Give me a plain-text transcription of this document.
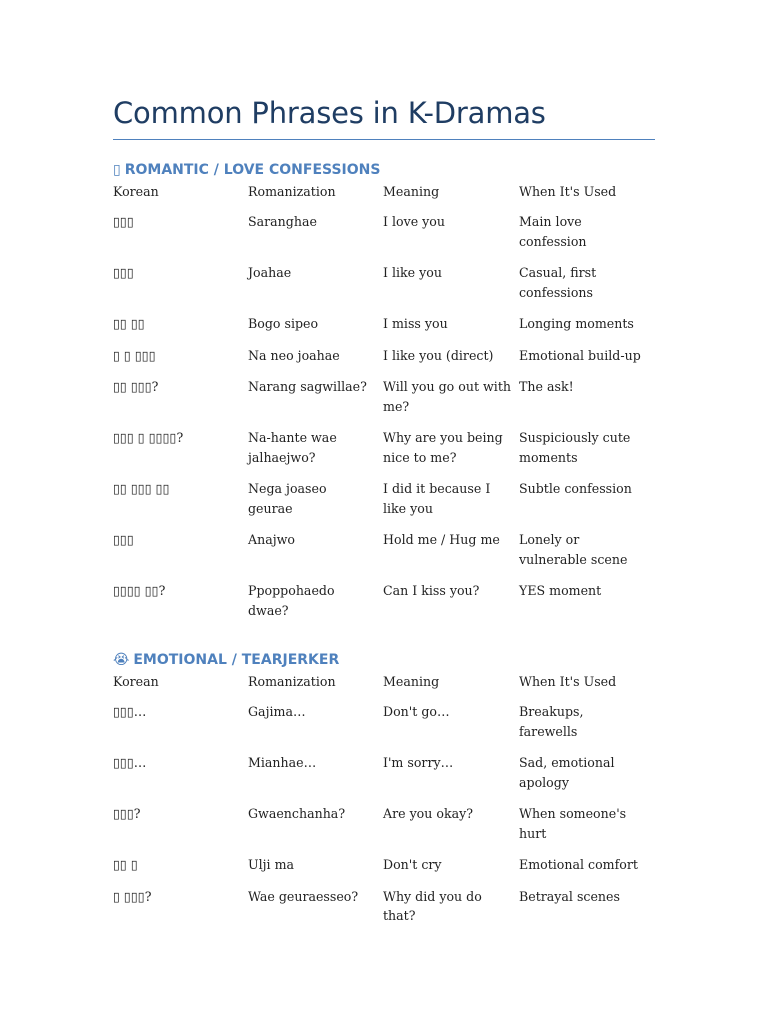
Common Phrases in K-Dramas
▯ ROMANTIC / LOVE CONFESSIONS
Korean	Romanization	Meaning	When It's Used
▯▯▯	Saranghae	I love you	Main love confession
▯▯▯	Joahae	I like you	Casual, first confessions
▯▯ ▯▯	Bogo sipeo	I miss you	Longing moments
▯ ▯ ▯▯▯	Na neo joahae	I like you (direct)	Emotional build-up
▯▯ ▯▯▯?	Narang sagwillae?	Will you go out with me?	The ask!
▯▯▯ ▯ ▯▯▯▯?	Na-hante wae jalhaejwo?	Why are you being nice to me?	Suspiciously cute moments
▯▯ ▯▯▯ ▯▯	Nega joaseo geurae	I did it because I like you	Subtle confession
▯▯▯	Anajwo	Hold me / Hug me	Lonely or vulnerable scene
▯▯▯▯ ▯▯?	Ppoppohaedo dwae?	Can I kiss you?	YES moment
😭 EMOTIONAL / TEARJERKER
Korean	Romanization	Meaning	When It's Used
▯▯▯…	Gajima…	Don't go…	Breakups, farewells
▯▯▯…	Mianhae…	I'm sorry…	Sad, emotional apology
▯▯▯?	Gwaenchanha?	Are you okay?	When someone's hurt
▯▯ ▯	Ulji ma	Don't cry	Emotional comfort
▯ ▯▯▯?	Wae geuraesseo?	Why did you do that?	Betrayal scenes
